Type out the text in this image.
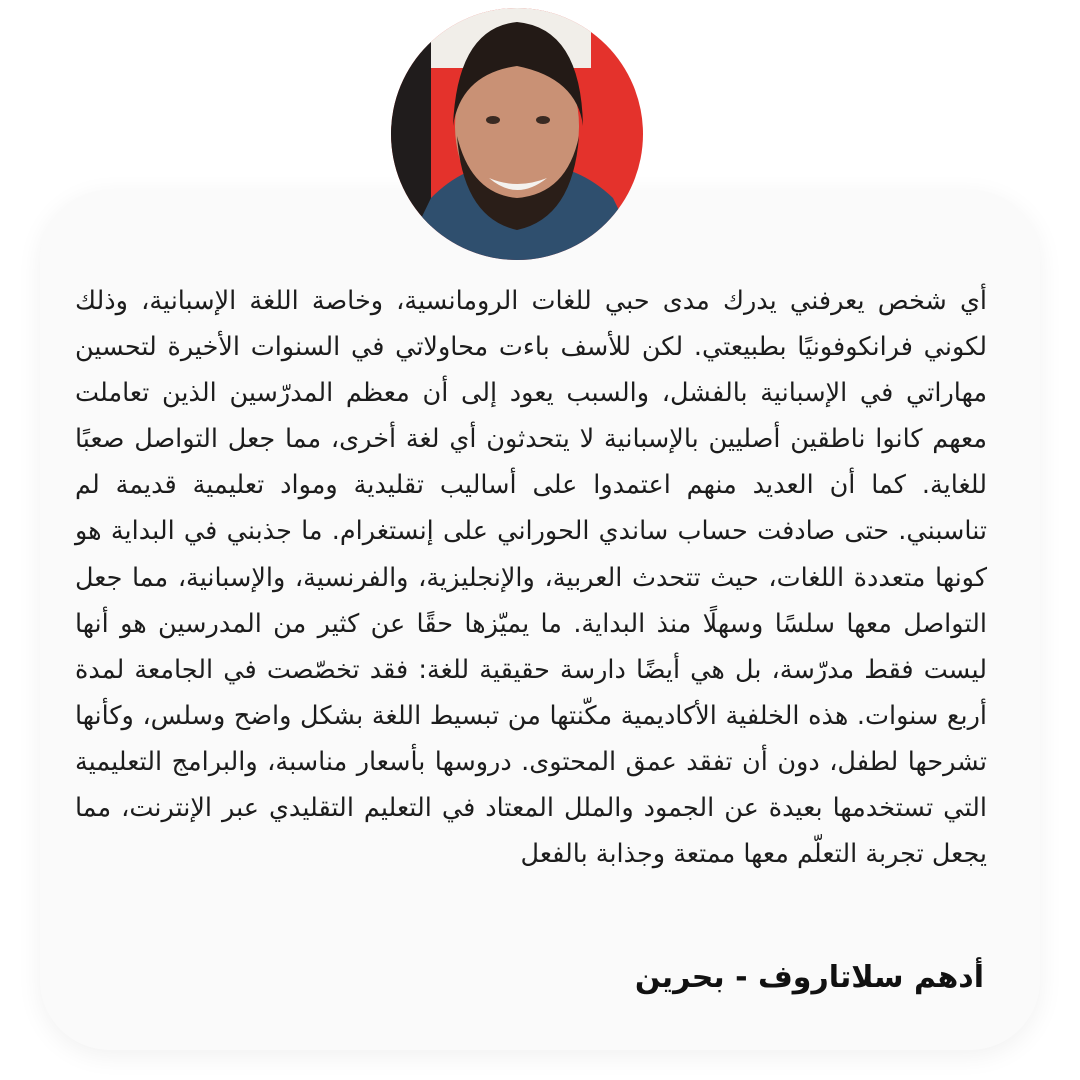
أي شخص يعرفني يدرك مدى حبي للغات الرومانسية، وخاصة اللغة الإسبانية، وذلك لكوني فرانكوفونيًا بطبيعتي. لكن للأسف باءت محاولاتي في السنوات الأخيرة لتحسين مهاراتي في الإسبانية بالفشل، والسبب يعود إلى أن معظم المدرّسين الذين تعاملت معهم كانوا ناطقين أصليين بالإسبانية لا يتحدثون أي لغة أخرى، مما جعل التواصل صعبًا للغاية. كما أن العديد منهم اعتمدوا على أساليب تقليدية ومواد تعليمية قديمة لم تناسبني. حتى صادفت حساب ساندي الحوراني على إنستغرام. ما جذبني في البداية هو كونها متعددة اللغات، حيث تتحدث العربية، والإنجليزية، والفرنسية، والإسبانية، مما جعل التواصل معها سلسًا وسهلًا منذ البداية. ما يميّزها حقًا عن كثير من المدرسين هو أنها ليست فقط مدرّسة، بل هي أيضًا دارسة حقيقية للغة: فقد تخصّصت في الجامعة لمدة أربع سنوات. هذه الخلفية الأكاديمية مكّنتها من تبسيط اللغة بشكل واضح وسلس، وكأنها تشرحها لطفل، دون أن تفقد عمق المحتوى. دروسها بأسعار مناسبة، والبرامج التعليمية التي تستخدمها بعيدة عن الجمود والملل المعتاد في التعليم التقليدي عبر الإنترنت، مما يجعل تجربة التعلّم معها ممتعة وجذابة بالفعل

أدهم سلاتاروف - بحرين
